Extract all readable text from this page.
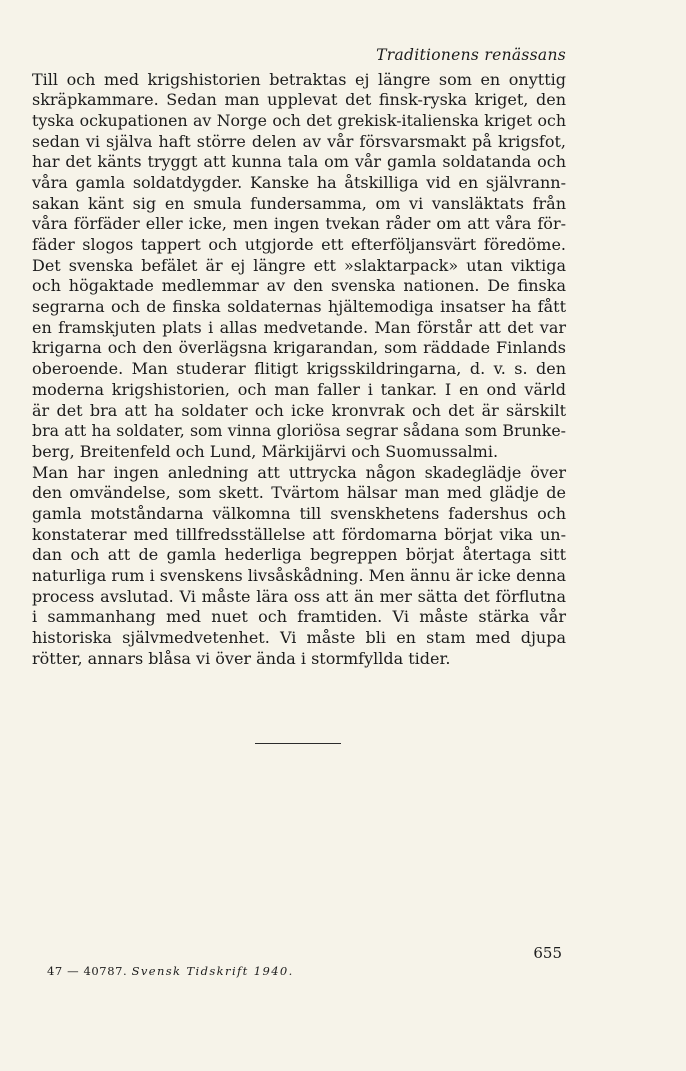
Traditionens renässans

Till och med krigshistorien betraktas ej längre som en onyttig
skräpkammare. Sedan man upplevat det finsk-ryska kriget, den
tyska ockupationen av Norge och det grekisk-italienska kriget och
sedan vi själva haft större delen av vår försvarsmakt på krigsfot,
har det känts tryggt att kunna tala om vår gamla soldatanda och
våra gamla soldatdygder. Kanske ha åtskilliga vid en självrann-
sakan känt sig en smula fundersamma, om vi vansläktats från
våra förfäder eller icke, men ingen tvekan råder om att våra för-
fäder slogos tappert och utgjorde ett efterföljansvärt föredöme.
Det svenska befälet är ej längre ett »slaktarpack» utan viktiga
och högaktade medlemmar av den svenska nationen. De finska
segrarna och de finska soldaternas hjältemodiga insatser ha fått
en framskjuten plats i allas medvetande. Man förstår att det var
krigarna och den överlägsna krigarandan, som räddade Finlands
oberoende. Man studerar flitigt krigsskildringarna, d. v. s. den
moderna krigshistorien, och man faller i tankar. I en ond värld
är det bra att ha soldater och icke kronvrak och det är särskilt
bra att ha soldater, som vinna gloriösa segrar sådana som Brunke-
berg, Breitenfeld och Lund, Märkijärvi och Suomussalmi.
Man har ingen anledning att uttrycka någon skadeglädje över
den omvändelse, som skett. Tvärtom hälsar man med glädje de
gamla motståndarna välkomna till svenskhetens fadershus och
konstaterar med tillfredsställelse att fördomarna börjat vika un-
dan och att de gamla hederliga begreppen börjat återtaga sitt
naturliga rum i svenskens livsåskådning. Men ännu är icke denna
process avslutad. Vi måste lära oss att än mer sätta det förflutna
i sammanhang med nuet och framtiden. Vi måste stärka vår
historiska självmedvetenhet. Vi måste bli en stam med djupa
rötter, annars blåsa vi över ända i stormfyllda tider.

655

47 — 40787. Svensk Tidskrift 1940.
